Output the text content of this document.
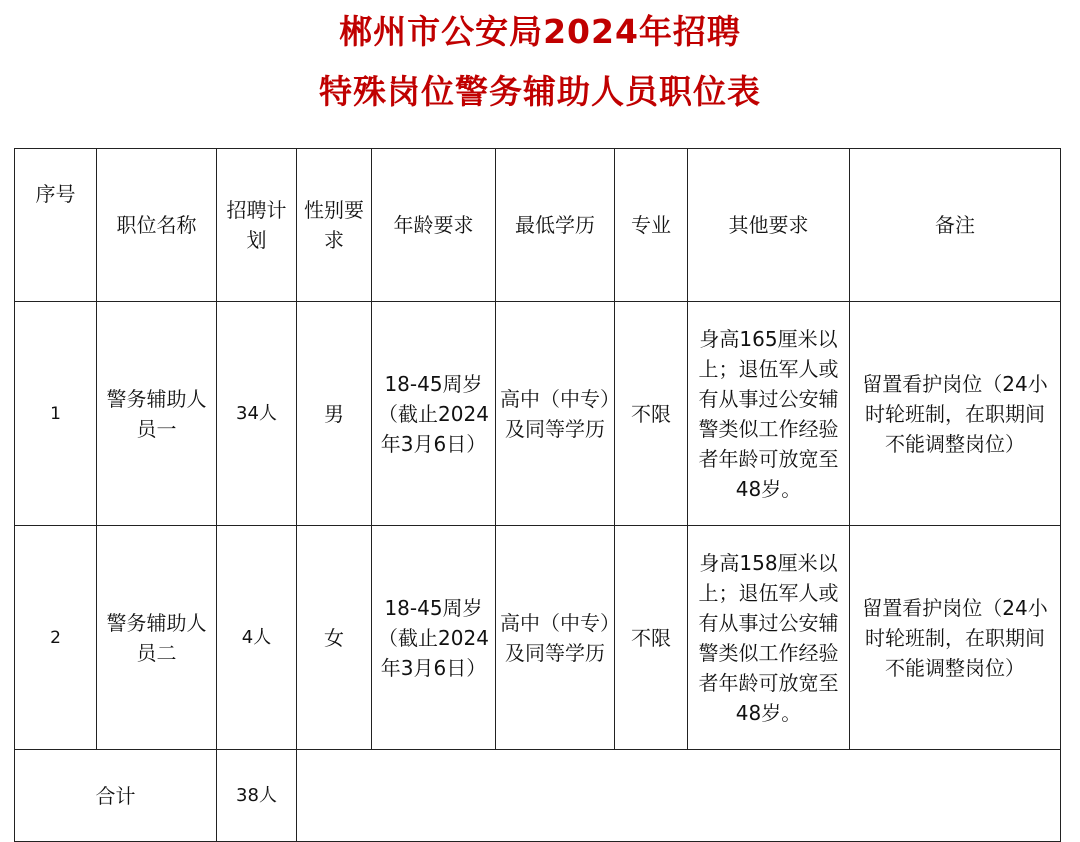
郴州市公安局2024年招聘
特殊岗位警务辅助人员职位表
序号	职位名称	招聘计划	性别要求	年龄要求	最低学历	专业	其他要求	备注
1	警务辅助人员一	34人	男	18-45周岁（截止2024年3月6日）	高中（中专）及同等学历	不限	身高165厘米以上；退伍军人或有从事过公安辅警类似工作经验者年龄可放宽至48岁。	留置看护岗位（24小时轮班制，在职期间不能调整岗位）
2	警务辅助人员二	4人	女	18-45周岁（截止2024年3月6日）	高中（中专）及同等学历	不限	身高158厘米以上；退伍军人或有从事过公安辅警类似工作经验者年龄可放宽至48岁。	留置看护岗位（24小时轮班制，在职期间不能调整岗位）
合计		38人						
